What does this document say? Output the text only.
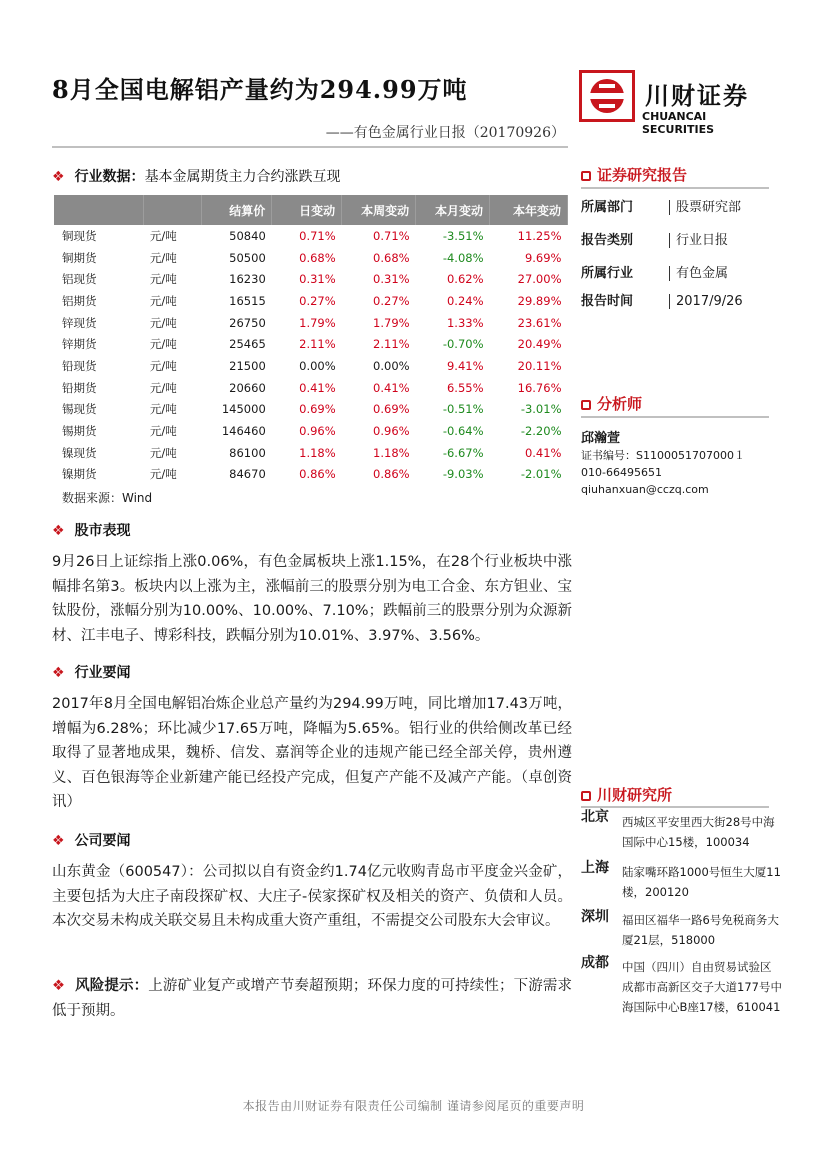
8月全国电解铝产量约为294.99万吨
——有色金属行业日报（20170926）
川财证券
CHUANCAI SECURITIES
❖ 行业数据：基本金属期货主力合约涨跌互现
		结算价	日变动	本周变动	本月变动	本年变动
铜现货	元/吨	50840	0.71%	0.71%	-3.51%	11.25%
铜期货	元/吨	50500	0.68%	0.68%	-4.08%	9.69%
铝现货	元/吨	16230	0.31%	0.31%	0.62%	27.00%
铝期货	元/吨	16515	0.27%	0.27%	0.24%	29.89%
锌现货	元/吨	26750	1.79%	1.79%	1.33%	23.61%
锌期货	元/吨	25465	2.11%	2.11%	-0.70%	20.49%
铅现货	元/吨	21500	0.00%	0.00%	9.41%	20.11%
铅期货	元/吨	20660	0.41%	0.41%	6.55%	16.76%
锡现货	元/吨	145000	0.69%	0.69%	-0.51%	-3.01%
锡期货	元/吨	146460	0.96%	0.96%	-0.64%	-2.20%
镍现货	元/吨	86100	1.18%	1.18%	-6.67%	0.41%
镍期货	元/吨	84670	0.86%	0.86%	-9.03%	-2.01%
数据来源：Wind
❖ 股市表现
9月26日上证综指上涨0.06%，有色金属板块上涨1.15%，在28个行业板块中涨幅排名第3。板块内以上涨为主，涨幅前三的股票分别为电工合金、东方钽业、宝钛股份，涨幅分别为10.00%、10.00%、7.10%；跌幅前三的股票分别为众源新材、江丰电子、博彩科技，跌幅分别为10.01%、3.97%、3.56%。
❖ 行业要闻
2017年8月全国电解铝冶炼企业总产量约为294.99万吨，同比增加17.43万吨，增幅为6.28%；环比减少17.65万吨，降幅为5.65%。铝行业的供给侧改革已经取得了显著地成果，魏桥、信发、嘉润等企业的违规产能已经全部关停，贵州遵义、百色银海等企业新建产能已经投产完成，但复产产能不及减产产能。（卓创资讯）
❖ 公司要闻
山东黄金（600547）：公司拟以自有资金约1.74亿元收购青岛市平度金兴金矿，主要包括为大庄子南段探矿权、大庄子-侯家探矿权及相关的资产、负债和人员。本次交易未构成关联交易且未构成重大资产重组，不需提交公司股东大会审议。
❖ 风险提示：上游矿业复产或增产节奏超预期；环保力度的可持续性；下游需求低于预期。
证券研究报告
所属部门	股票研究部
报告类别	行业日报
所属行业	有色金属
报告时间	2017/9/26
分析师
邱瀚萱
证书编号：S1100051707000１
010-66495651
qiuhanxuan@cczq.com
川财研究所
北京 西城区平安里西大街28号中海国际中心15楼，100034
上海 陆家嘴环路1000号恒生大厦11楼，200120
深圳 福田区福华一路6号免税商务大厦21层，518000
成都 中国（四川）自由贸易试验区成都市高新区交子大道177号中海国际中心B座17楼，610041
本报告由川财证券有限责任公司编制 谨请参阅尾页的重要声明
